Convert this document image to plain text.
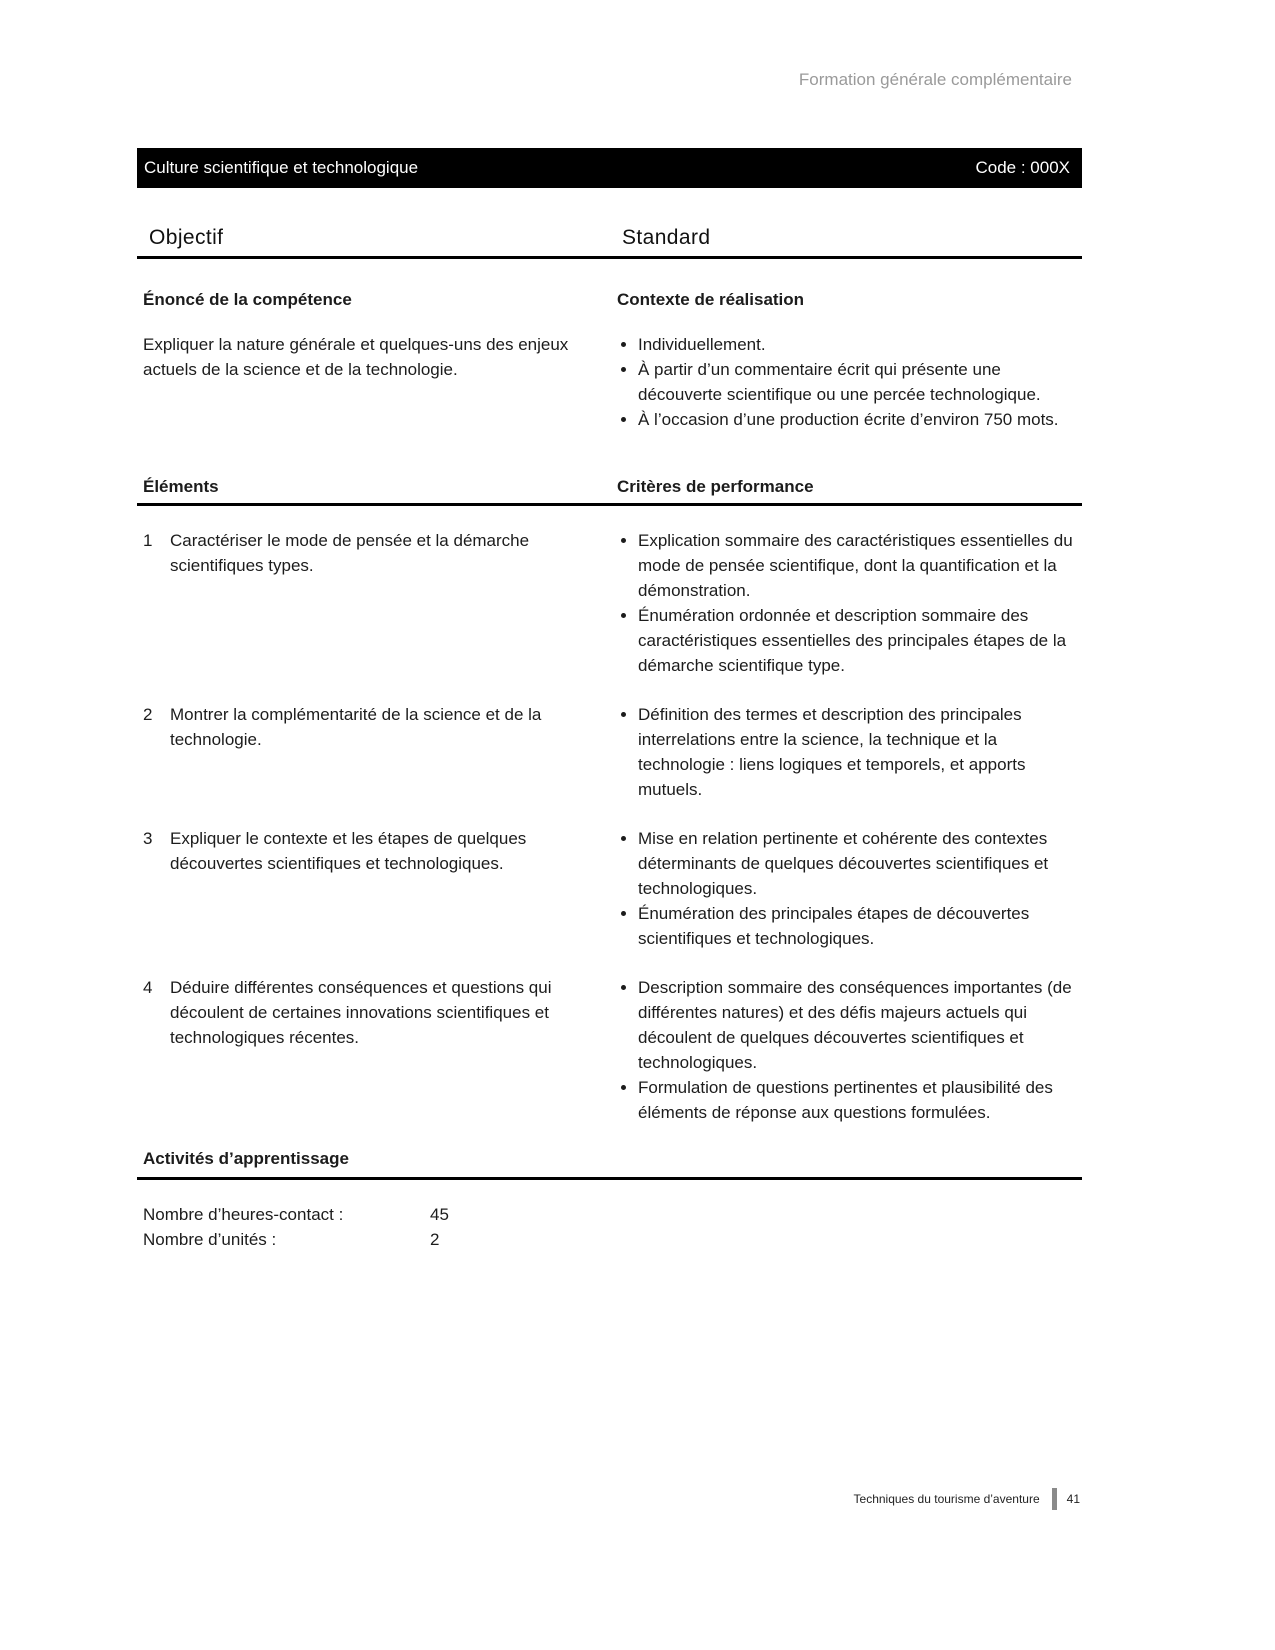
Formation générale complémentaire
Culture scientifique et technologique	Code : 000X
Objectif	Standard
Énoncé de la compétence

Expliquer la nature générale et quelques-uns des enjeux actuels de la science et de la technologie.

Contexte de réalisation
• Individuellement.
• À partir d’un commentaire écrit qui présente une découverte scientifique ou une percée technologique.
• À l’occasion d’une production écrite d’environ 750 mots.
Éléments	Critères de performance
1	Caractériser le mode de pensée et la démarche scientifiques types.
• Explication sommaire des caractéristiques essentielles du mode de pensée scientifique, dont la quantification et la démonstration.
• Énumération ordonnée et description sommaire des caractéristiques essentielles des principales étapes de la démarche scientifique type.
2	Montrer la complémentarité de la science et de la technologie.
• Définition des termes et description des principales interrelations entre la science, la technique et la technologie : liens logiques et temporels, et apports mutuels.
3	Expliquer le contexte et les étapes de quelques découvertes scientifiques et technologiques.
• Mise en relation pertinente et cohérente des contextes déterminants de quelques découvertes scientifiques et technologiques.
• Énumération des principales étapes de découvertes scientifiques et technologiques.
4	Déduire différentes conséquences et questions qui découlent de certaines innovations scientifiques et technologiques récentes.
• Description sommaire des conséquences importantes (de différentes natures) et des défis majeurs actuels qui découlent de quelques découvertes scientifiques et technologiques.
• Formulation de questions pertinentes et plausibilité des éléments de réponse aux questions formulées.
Activités d’apprentissage
Nombre d’heures-contact :	45
Nombre d’unités :	2
Techniques du tourisme d’aventure 41
